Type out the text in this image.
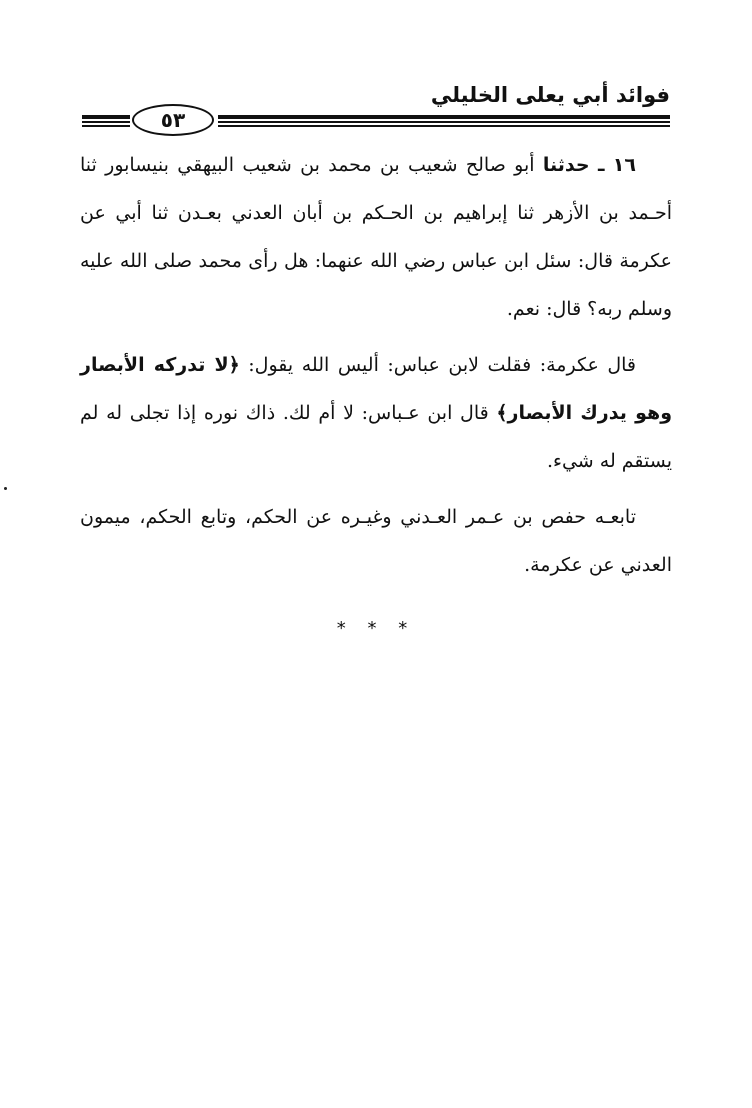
فوائد أبي يعلى الخليلي
٥٣

١٦ ـ حدثنا أبو صالح شعيب بن محمد بن شعيب البيهقي بنيسابور ثنا أحـمد بن الأزهر ثنا إبراهيم بن الحـكم بن أبان العدني بعـدن ثنا أبي عن عكرمة قال: سئل ابن عباس رضي الله عنهما: هل رأى محمد صلى الله عليه وسلم ربه؟ قال: نعم.

قال عكرمة: فقلت لابن عباس: أليس الله يقول: ﴿لا تدركه الأبصار وهو يدرك الأبصار﴾ قال ابن عـباس: لا أم لك. ذاك نوره إذا تجلى له لم يستقم له شيء.

تابعـه حفص بن عـمر العـدني وغيـره عن الحكم، وتابع الحكم، ميمون العدني عن عكرمة.

* * *
